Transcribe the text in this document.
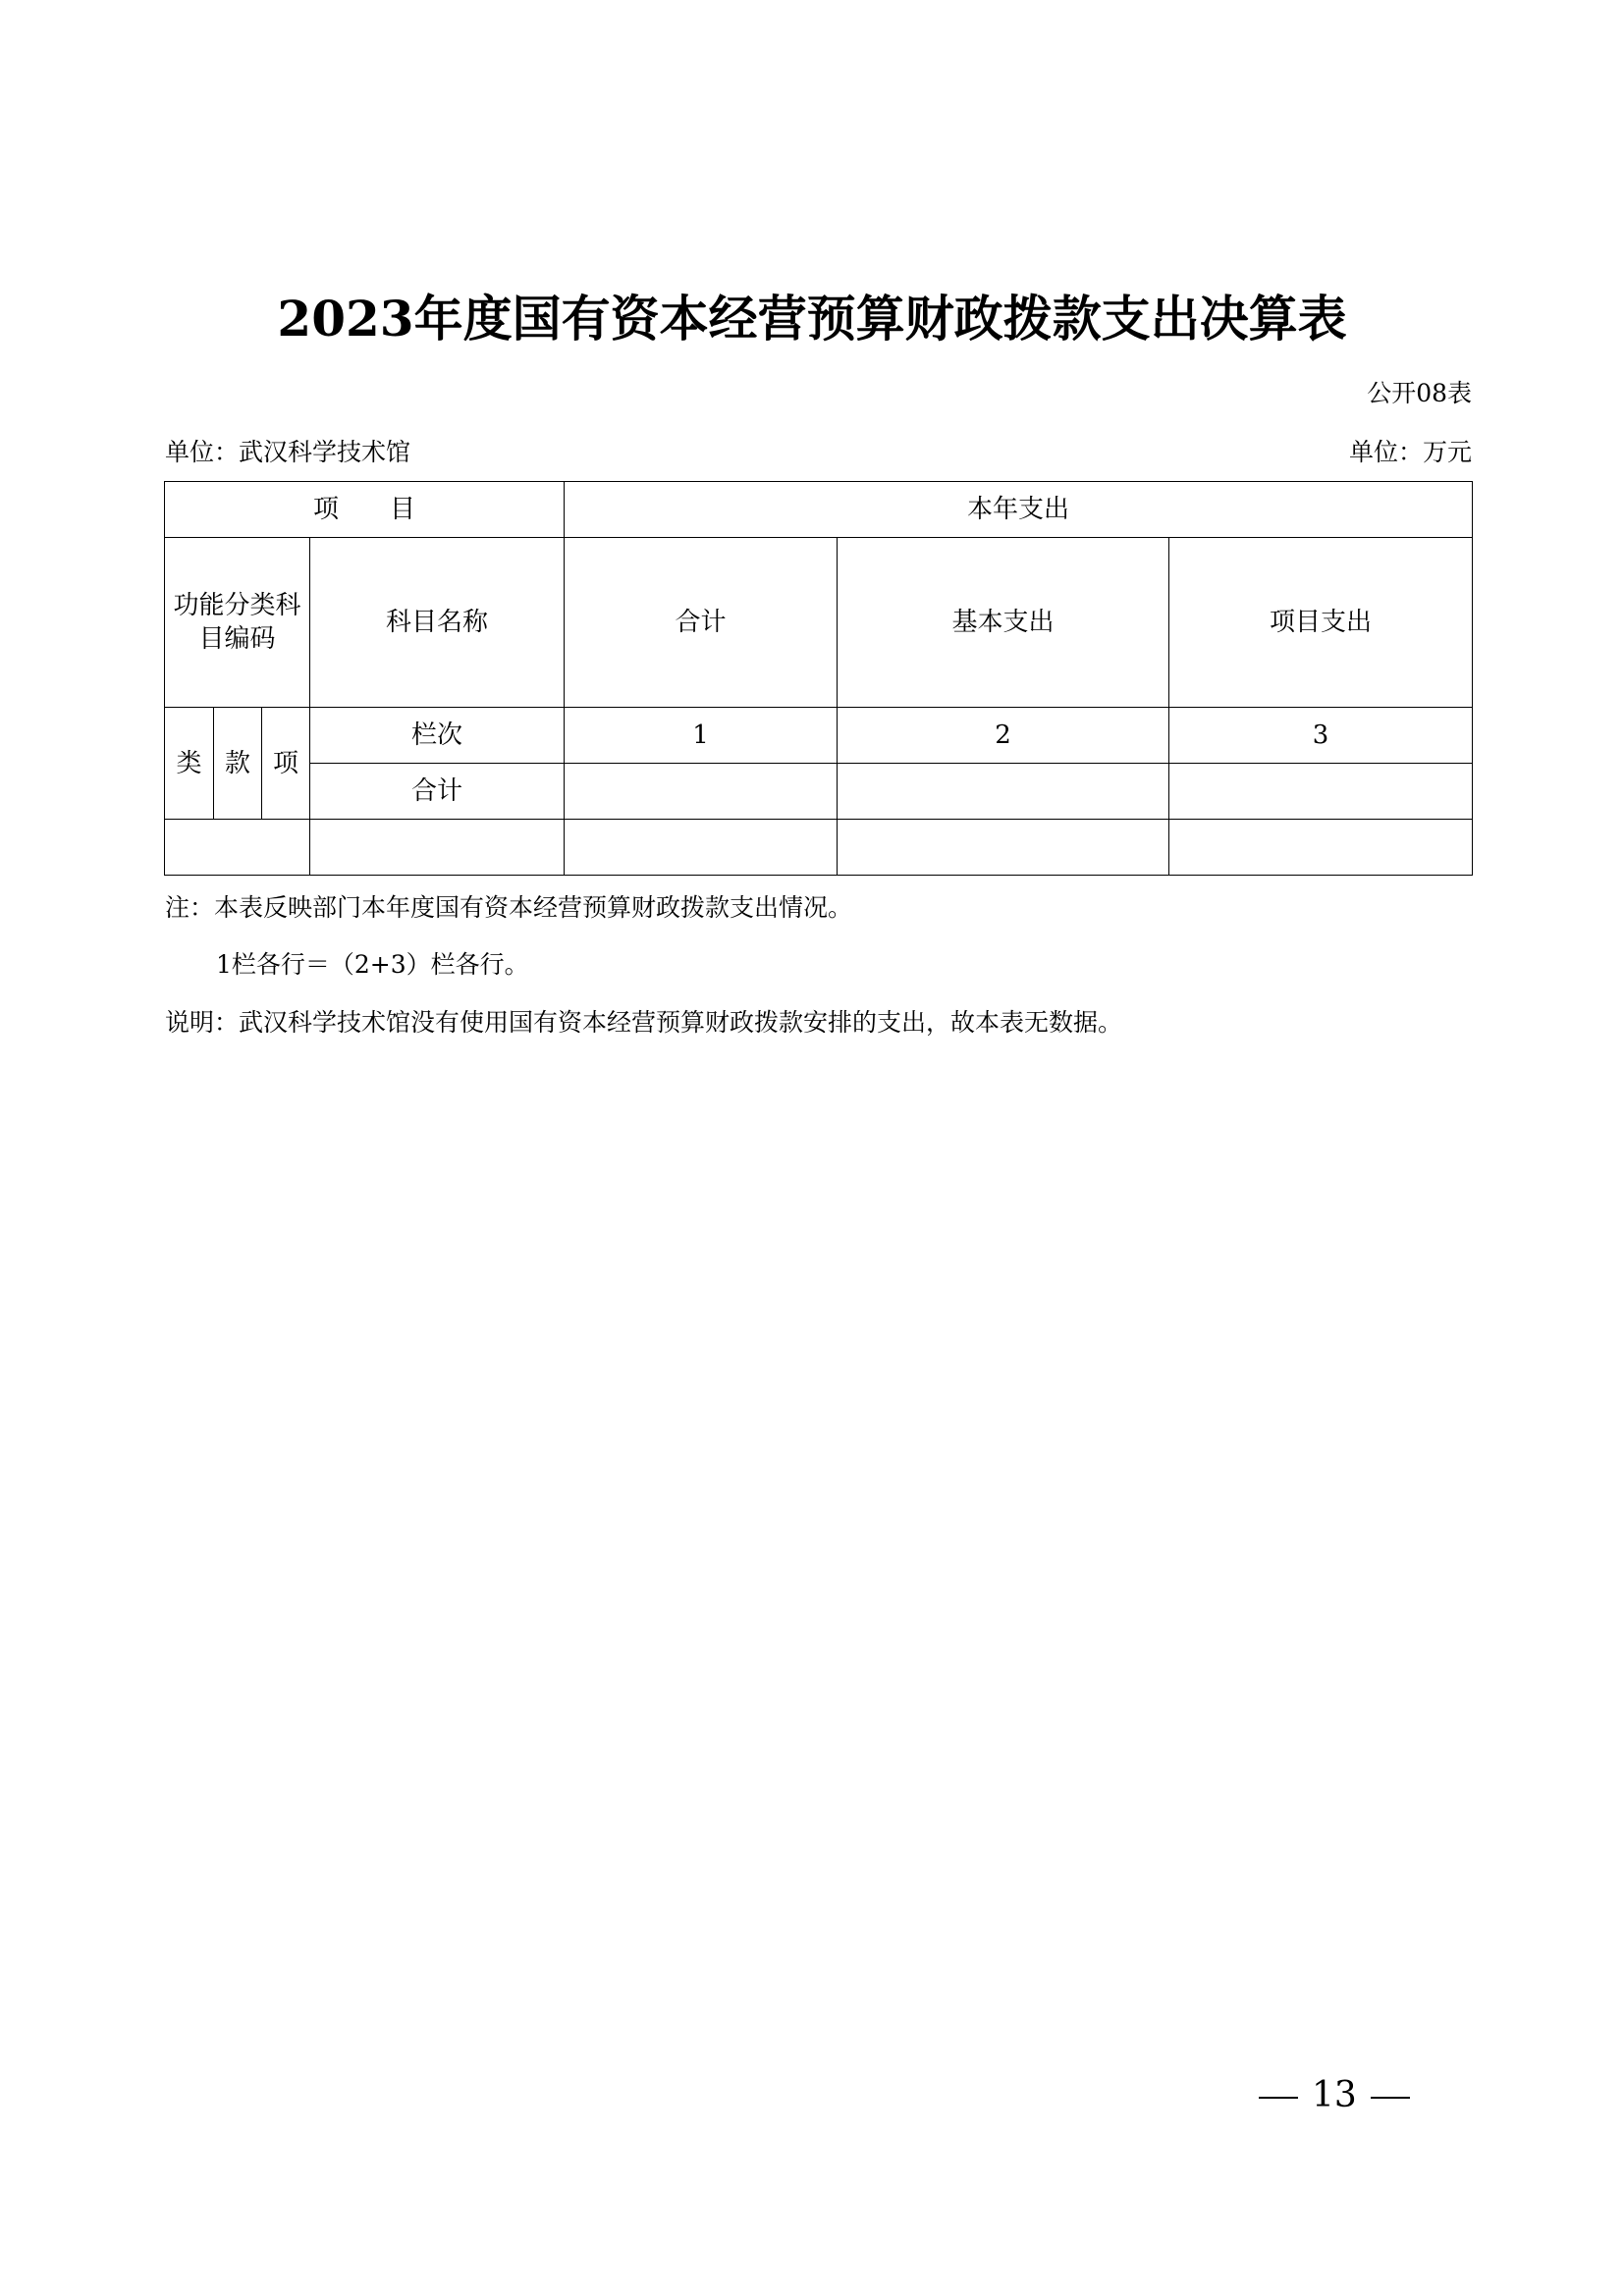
2023年度国有资本经营预算财政拨款支出决算表
公开08表
单位：武汉科学技术馆	单位：万元
项　　目				本年支出		
功能分类科目编码			科目名称	合计	基本支出	项目支出
类	款	项	栏次	1	2	3
			合计			

注：本表反映部门本年度国有资本经营预算财政拨款支出情况。
1栏各行＝（2+3）栏各行。
说明：武汉科学技术馆没有使用国有资本经营预算财政拨款安排的支出，故本表无数据。
13
